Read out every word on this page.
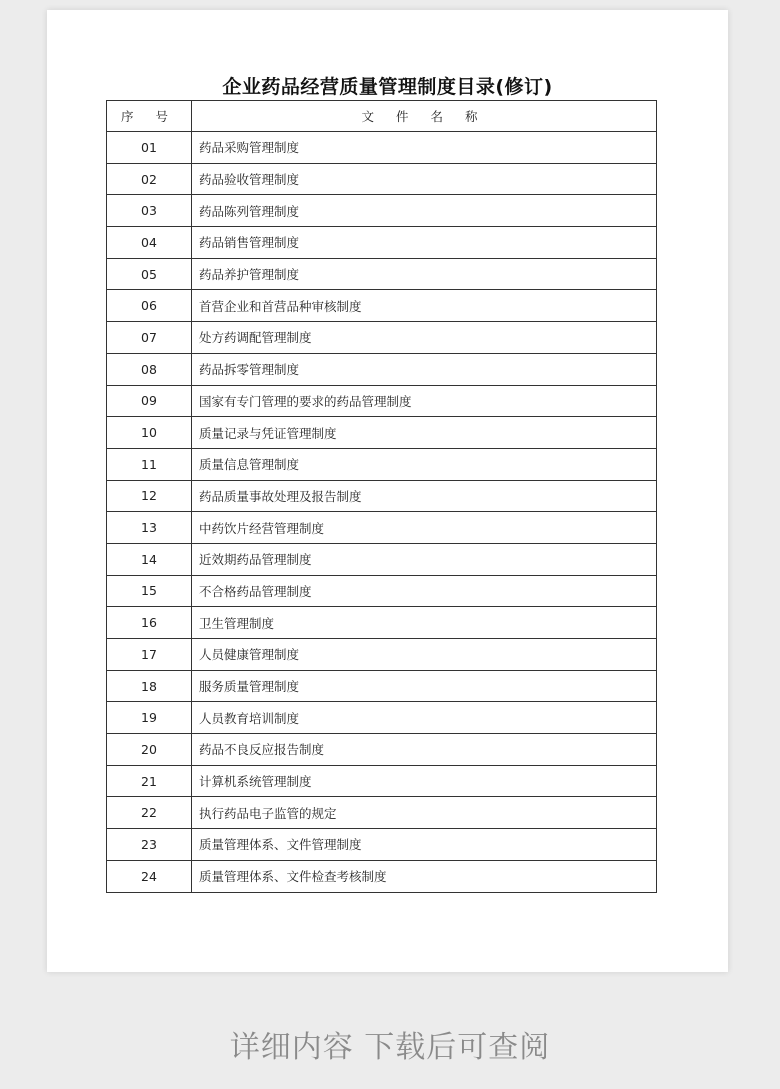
企业药品经营质量管理制度目录(修订)
序 号	文 件 名 称
01	药品采购管理制度
02	药品验收管理制度
03	药品陈列管理制度
04	药品销售管理制度
05	药品养护管理制度
06	首营企业和首营品种审核制度
07	处方药调配管理制度
08	药品拆零管理制度
09	国家有专门管理的要求的药品管理制度
10	质量记录与凭证管理制度
11	质量信息管理制度
12	药品质量事故处理及报告制度
13	中药饮片经营管理制度
14	近效期药品管理制度
15	不合格药品管理制度
16	卫生管理制度
17	人员健康管理制度
18	服务质量管理制度
19	人员教育培训制度
20	药品不良反应报告制度
21	计算机系统管理制度
22	执行药品电子监管的规定
23	质量管理体系、文件管理制度
24	质量管理体系、文件检查考核制度
详细内容 下载后可查阅
